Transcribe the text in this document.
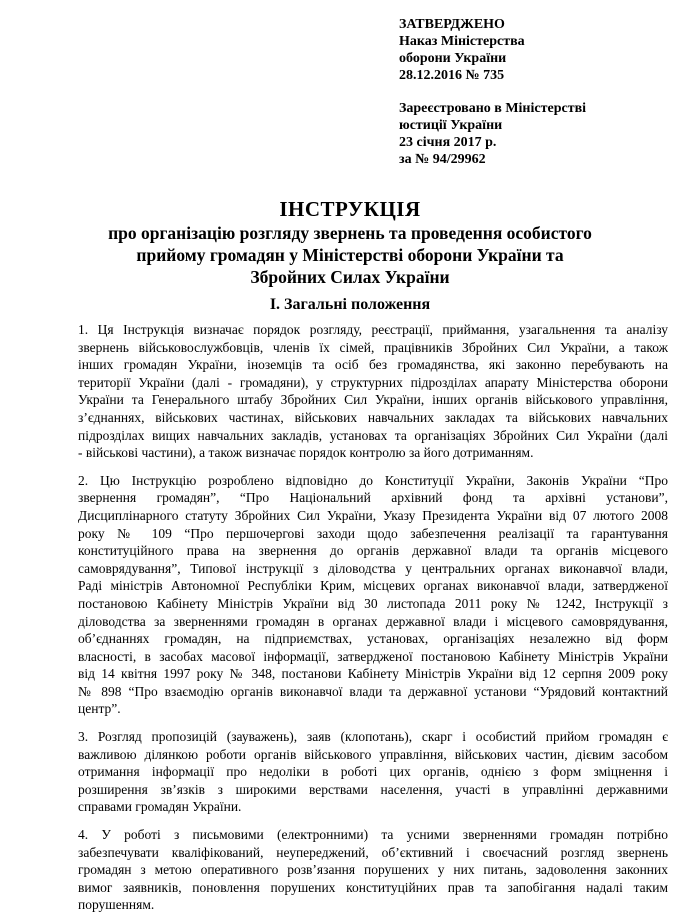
ЗАТВЕРДЖЕНО
Наказ Міністерства
оборони України
28.12.2016 № 735
Зареєстровано в Міністерстві
юстиції України
23 січня 2017 р.
за № 94/29962
ІНСТРУКЦІЯ
про організацію розгляду звернень та проведення особистого
прийому громадян у Міністерстві оборони України та
Збройних Силах України
І. Загальні положення
1. Ця Інструкція визначає порядок розгляду, реєстрації, приймання, узагальнення та аналізу
звернень військовослужбовців, членів їх сімей, працівників Збройних Сил України, а також
інших громадян України, іноземців та осіб без громадянства, які законно перебувають на
території України (далі - громадяни), у структурних підрозділах апарату Міністерства оборони
України та Генерального штабу Збройних Сил України, інших органів військового управління,
з’єднаннях, військових частинах, військових навчальних закладах та військових навчальних
підрозділах вищих навчальних закладів, установах та організаціях Збройних Сил України (далі
- військові частини), а також визначає порядок контролю за його дотриманням.
2. Цю Інструкцію розроблено відповідно до Конституції України, Законів України “Про
звернення громадян”, “Про Національний архівний фонд та архівні установи”,
Дисциплінарного статуту Збройних Сил України, Указу Президента України від 07 лютого 2008
року № 109 “Про першочергові заходи щодо забезпечення реалізації та гарантування
конституційного права на звернення до органів державної влади та органів місцевого
самоврядування”, Типової інструкції з діловодства у центральних органах виконавчої влади,
Раді міністрів Автономної Республіки Крим, місцевих органах виконавчої влади, затвердженої
постановою Кабінету Міністрів України від 30 листопада 2011 року № 1242, Інструкції з
діловодства за зверненнями громадян в органах державної влади і місцевого самоврядування,
об’єднаннях громадян, на підприємствах, установах, організаціях незалежно від форм
власності, в засобах масової інформації, затвердженої постановою Кабінету Міністрів України
від 14 квітня 1997 року № 348, постанови Кабінету Міністрів України від 12 серпня 2009 року
№ 898 “Про взаємодію органів виконавчої влади та державної установи “Урядовий контактний
центр”.
3. Розгляд пропозицій (зауважень), заяв (клопотань), скарг і особистий прийом громадян є
важливою ділянкою роботи органів військового управління, військових частин, дієвим засобом
отримання інформації про недоліки в роботі цих органів, однією з форм зміцнення і
розширення зв’язків з широкими верствами населення, участі в управлінні державними
справами громадян України.
4. У роботі з письмовими (електронними) та усними зверненнями громадян потрібно
забезпечувати кваліфікований, неупереджений, об’єктивний і своєчасний розгляд звернень
громадян з метою оперативного розв’язання порушених у них питань, задоволення законних
вимог заявників, поновлення порушених конституційних прав та запобігання надалі таким
порушенням.
